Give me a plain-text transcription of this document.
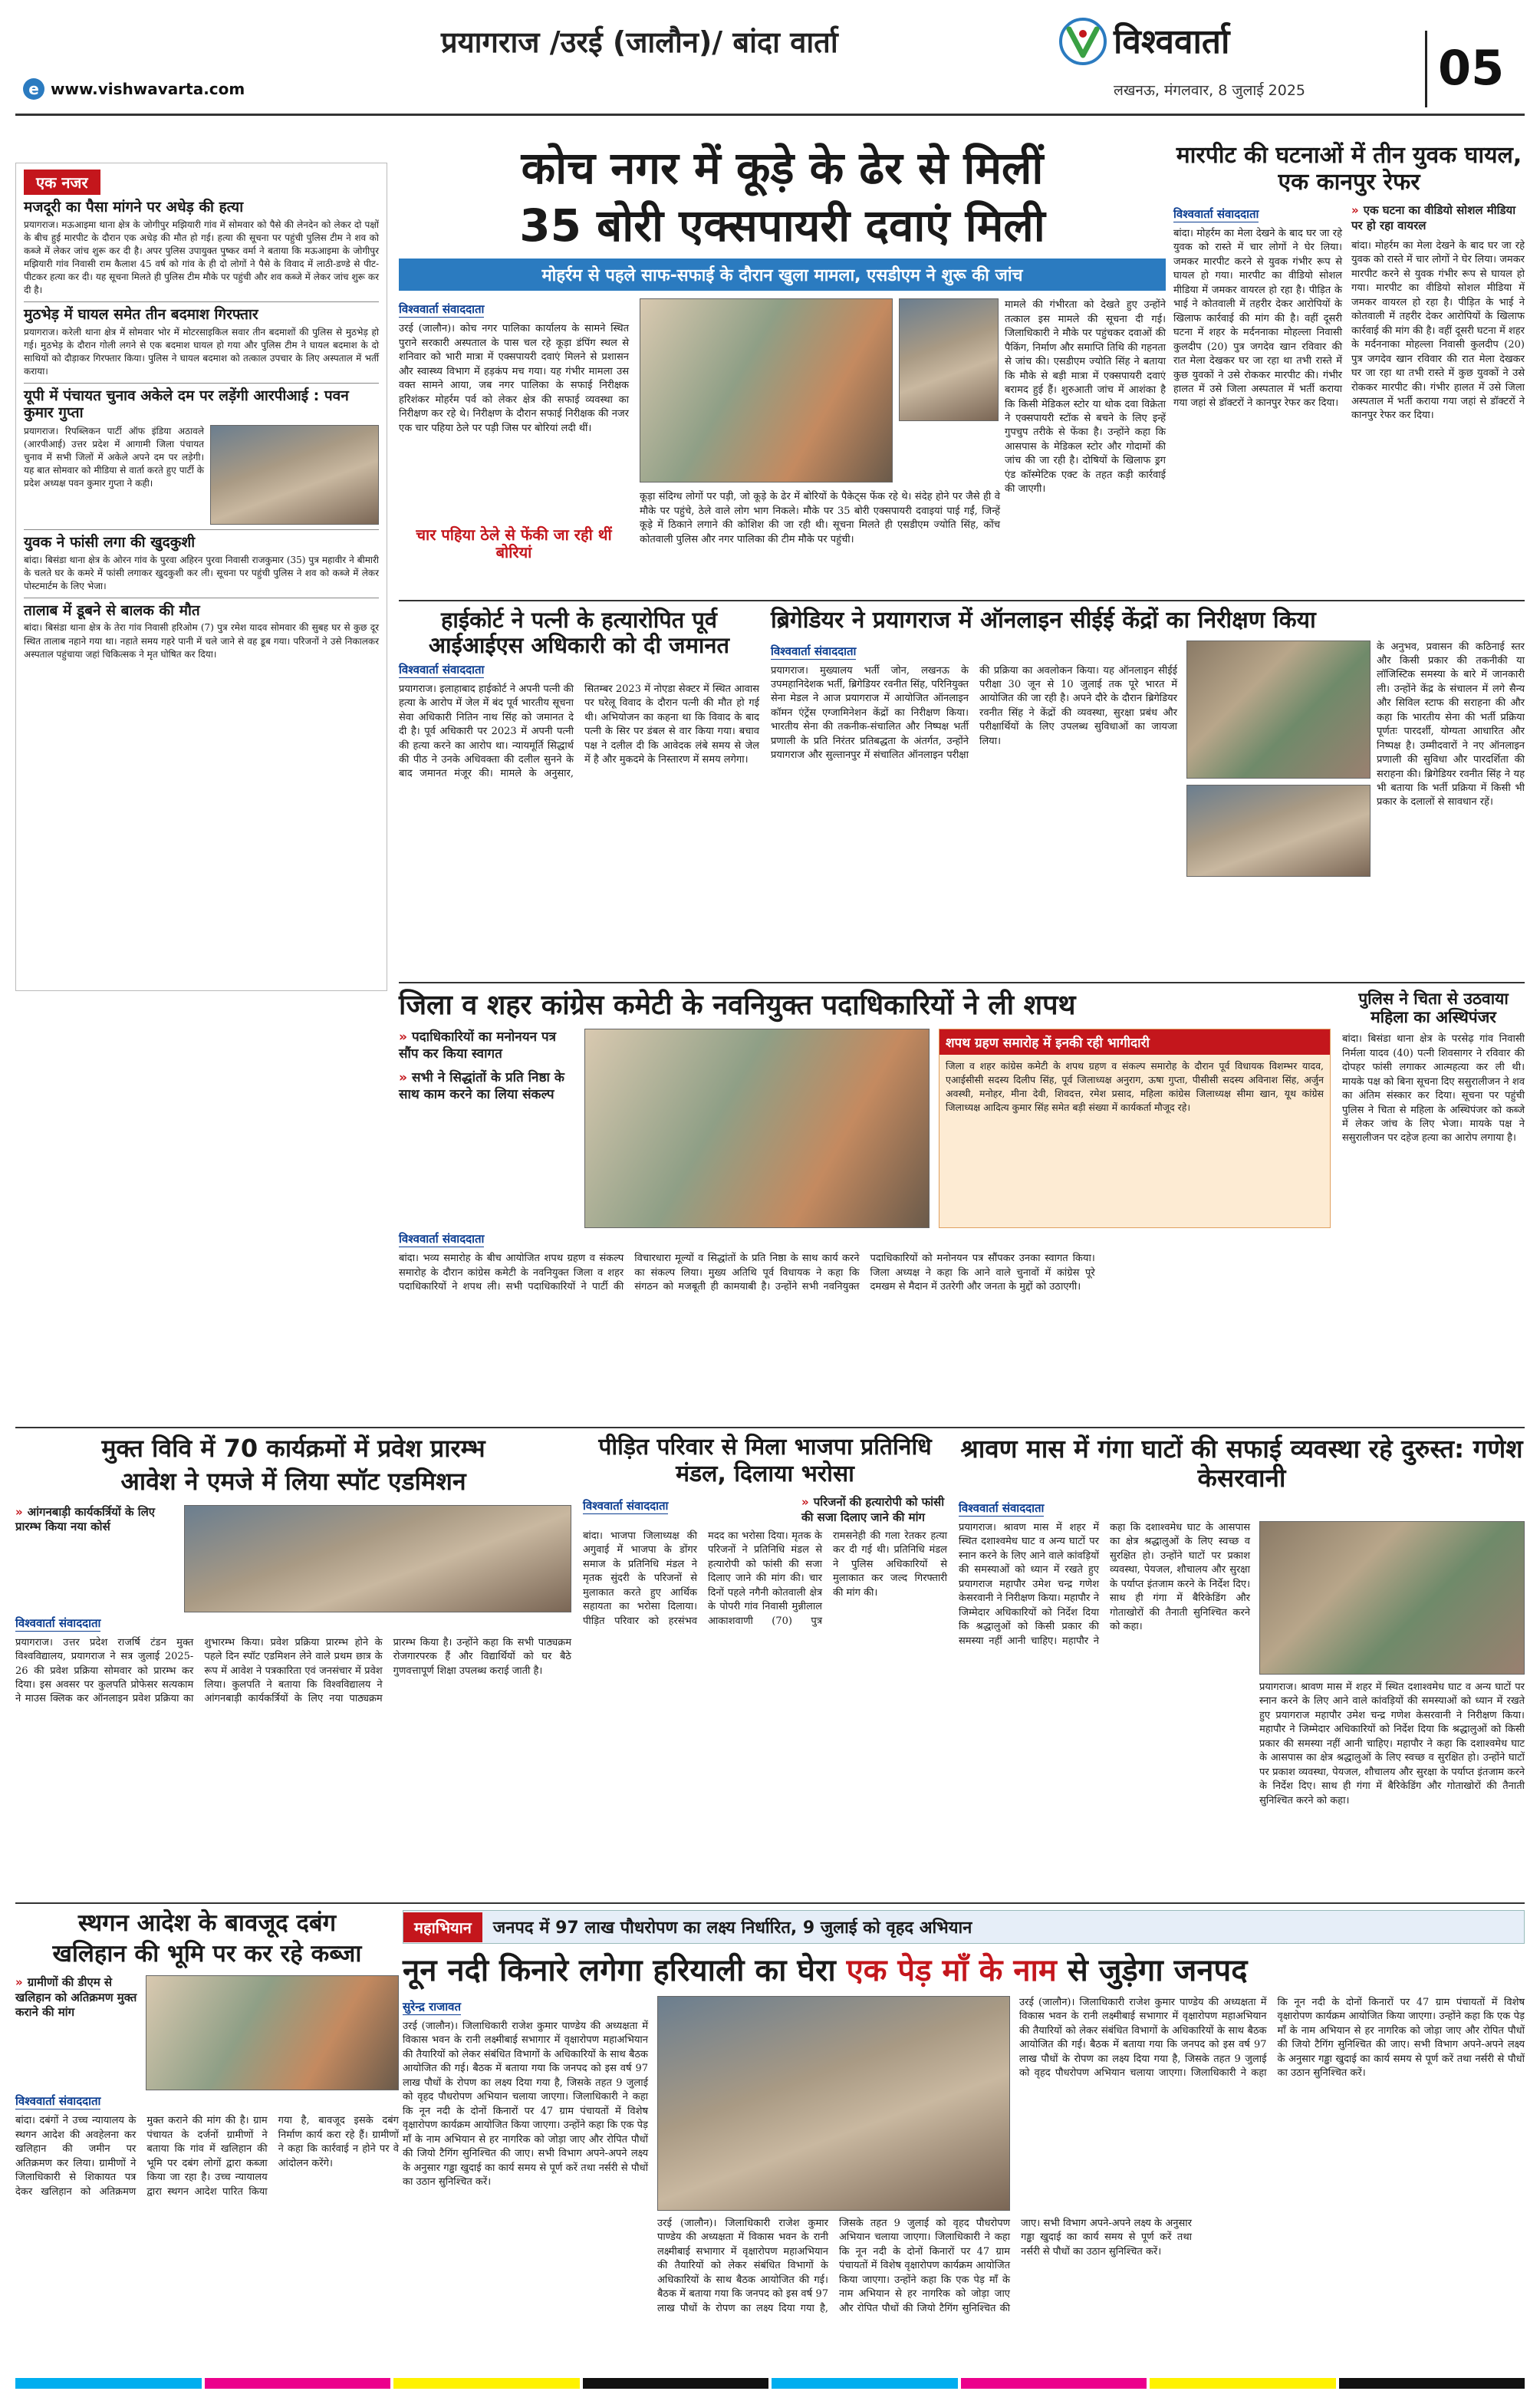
प्रयागराज /उरई (जालौन)/ बांदा वार्ता
e www.vishwavarta.com
विश्ववार्ता
लखनऊ, मंगलवार, 8 जुलाई 2025	05
एक नजर
मजदूरी का पैसा मांगने पर अधेड़ की हत्या
प्रयागराज। मऊआइमा थाना क्षेत्र के जोगीपुर मझियारी गांव में सोमवार को पैसे की लेनदेन को लेकर दो पक्षों के बीच हुई मारपीट के दौरान एक अधेड़ की मौत हो गई। हत्या की सूचना पर पहुंची पुलिस टीम ने शव को कब्जे में लेकर जांच शुरू कर दी है। अपर पुलिस उपायुक्त पुष्कर वर्मा ने बताया कि मऊआइमा के जोगीपुर मझियारी गांव निवासी राम कैलाश 45 वर्ष को गांव के ही दो लोगों ने पैसे के विवाद में लाठी-डण्डे से पीट-पीटकर हत्या कर दी। यह सूचना मिलते ही पुलिस टीम मौके पर पहुंची और शव कब्जे में लेकर जांच शुरू कर दी है।
मुठभेड़ में घायल समेत तीन बदमाश गिरफ्तार
प्रयागराज। करेली थाना क्षेत्र में सोमवार भोर में मोटरसाइकिल सवार तीन बदमाशों की पुलिस से मुठभेड़ हो गई। मुठभेड़ के दौरान गोली लगने से एक बदमाश घायल हो गया और पुलिस टीम ने घायल बदमाश के दो साथियों को दौड़ाकर गिरफ्तार किया। पुलिस ने घायल बदमाश को तत्काल उपचार के लिए अस्पताल में भर्ती कराया।
यूपी में पंचायत चुनाव अकेले दम पर लड़ेंगी आरपीआई : पवन कुमार गुप्ता
प्रयागराज। रिपब्लिकन पार्टी ऑफ इंडिया अठावले (आरपीआई) उत्तर प्रदेश में आगामी जिला पंचायत चुनाव में सभी जिलों में अकेले अपने दम पर लड़ेगी। यह बात सोमवार को मीडिया से वार्ता करते हुए पार्टी के प्रदेश अध्यक्ष पवन कुमार गुप्ता ने कही।
युवक ने फांसी लगा की खुदकुशी
बांदा। बिसंडा थाना क्षेत्र के ओरन गांव के पुरवा अहिरन पुरवा निवासी राजकुमार (35) पुत्र महावीर ने बीमारी के चलते घर के कमरे में फांसी लगाकर खुदकुशी कर ली। सूचना पर पहुंची पुलिस ने शव को कब्जे में लेकर पोस्टमार्टम के लिए भेजा।
तालाब में डूबने से बालक की मौत
बांदा। बिसंडा थाना क्षेत्र के तेरा गांव निवासी हरिओम (7) पुत्र रमेश यादव सोमवार की सुबह घर से कुछ दूर स्थित तालाब नहाने गया था। नहाते समय गहरे पानी में चले जाने से वह डूब गया। परिजनों ने उसे निकालकर अस्पताल पहुंचाया जहां चिकित्सक ने मृत घोषित कर दिया।
कोच नगर में कूड़े के ढेर से मिलीं
35 बोरी एक्सपायरी दवाएं मिली
मोहर्रम से पहले साफ-सफाई के दौरान खुला मामला, एसडीएम ने शुरू की जांच
विश्ववार्ता संवाददाता
उरई (जालौन)। कोच नगर पालिका कार्यालय के सामने स्थित पुराने सरकारी अस्पताल के पास चल रहे कूड़ा डंपिंग स्थल से शनिवार को भारी मात्रा में एक्सपायरी दवाएं मिलने से प्रशासन और स्वास्थ्य विभाग में हड़कंप मच गया। यह गंभीर मामला उस वक्त सामने आया, जब नगर पालिका के सफाई निरीक्षक हरिशंकर मोहर्रम पर्व को लेकर क्षेत्र की सफाई व्यवस्था का निरीक्षण कर रहे थे। निरीक्षण के दौरान सफाई निरीक्षक की नजर एक चार पहिया ठेले पर पड़ी जिस पर बोरियां लदी थीं।
चार पहिया ठेले से फेंकी जा रही थीं बोरियां
मामले की गंभीरता को देखते हुए उन्होंने तत्काल इस मामले की सूचना दी गई। जिलाधिकारी ने मौके पर पहुंचकर दवाओं की पैकिंग, निर्माण और समाप्ति तिथि की गहनता से जांच की। एसडीएम ज्योति सिंह ने बताया कि मौके से बड़ी मात्रा में एक्सपायरी दवाएं बरामद हुई हैं। शुरुआती जांच में आशंका है कि किसी मेडिकल स्टोर या थोक दवा विक्रेता ने एक्सपायरी स्टॉक से बचने के लिए इन्हें गुपचुप तरीके से फेंका है। उन्होंने कहा कि आसपास के मेडिकल स्टोर और गोदामों की जांच की जा रही है। दोषियों के खिलाफ ड्रग एंड कॉस्मेटिक एक्ट के तहत कड़ी कार्रवाई की जाएगी।
कूड़ा संदिग्ध लोगों पर पड़ी, जो कूड़े के ढेर में बोरियों के पैकेट्स फेंक रहे थे। संदेह होने पर जैसे ही वे मौके पर पहुंचे, ठेले वाले लोग भाग निकले। मौके पर 35 बोरी एक्सपायरी दवाइयां पाई गईं, जिन्हें कूड़े में ठिकाने लगाने की कोशिश की जा रही थी। सूचना मिलते ही एसडीएम ज्योति सिंह, कोंच कोतवाली पुलिस और नगर पालिका की टीम मौके पर पहुंची।
मारपीट की घटनाओं में तीन युवक घायल, एक कानपुर रेफर
विश्ववार्ता संवाददाता
बांदा। मोहर्रम का मेला देखने के बाद घर जा रहे युवक को रास्ते में चार लोगों ने घेर लिया। जमकर मारपीट करने से युवक गंभीर रूप से घायल हो गया। मारपीट का वीडियो सोशल मीडिया में जमकर वायरल हो रहा है। पीड़ित के भाई ने कोतवाली में तहरीर देकर आरोपियों के खिलाफ कार्रवाई की मांग की है। वहीं दूसरी घटना में शहर के मर्दननाका मोहल्ला निवासी कुलदीप (20) पुत्र जगदेव खान रविवार की रात मेला देखकर घर जा रहा था तभी रास्ते में कुछ युवकों ने उसे रोककर मारपीट की। गंभीर हालत में उसे जिला अस्पताल में भर्ती कराया गया जहां से डॉक्टरों ने कानपुर रेफर कर दिया।
» एक घटना का वीडियो सोशल मीडिया पर हो रहा वायरल
बांदा। मोहर्रम का मेला देखने के बाद घर जा रहे युवक को रास्ते में चार लोगों ने घेर लिया। जमकर मारपीट करने से युवक गंभीर रूप से घायल हो गया। मारपीट का वीडियो सोशल मीडिया में जमकर वायरल हो रहा है। पीड़ित के भाई ने कोतवाली में तहरीर देकर आरोपियों के खिलाफ कार्रवाई की मांग की है। वहीं दूसरी घटना में शहर के मर्दननाका मोहल्ला निवासी कुलदीप (20) पुत्र जगदेव खान रविवार की रात मेला देखकर घर जा रहा था तभी रास्ते में कुछ युवकों ने उसे रोककर मारपीट की। गंभीर हालत में उसे जिला अस्पताल में भर्ती कराया गया जहां से डॉक्टरों ने कानपुर रेफर कर दिया।
हाईकोर्ट ने पत्नी के हत्यारोपित पूर्व आईआईएस अधिकारी को दी जमानत
विश्ववार्ता संवाददाता
प्रयागराज। इलाहाबाद हाईकोर्ट ने अपनी पत्नी की हत्या के आरोप में जेल में बंद पूर्व भारतीय सूचना सेवा अधिकारी नितिन नाथ सिंह को जमानत दे दी है। पूर्व अधिकारी पर 2023 में अपनी पत्नी की हत्या करने का आरोप था। न्यायमूर्ति सिद्धार्थ की पीठ ने उनके अधिवक्ता की दलील सुनने के बाद जमानत मंजूर की। मामले के अनुसार, सितम्बर 2023 में नोएडा सेक्टर में स्थित आवास पर घरेलू विवाद के दौरान पत्नी की मौत हो गई थी। अभियोजन का कहना था कि विवाद के बाद पत्नी के सिर पर डंबल से वार किया गया। बचाव पक्ष ने दलील दी कि आवेदक लंबे समय से जेल में है और मुकदमे के निस्तारण में समय लगेगा।
ब्रिगेडियर ने प्रयागराज में ऑनलाइन सीईई केंद्रों का निरीक्षण किया
विश्ववार्ता संवाददाता
प्रयागराज। मुख्यालय भर्ती जोन, लखनऊ के उपमहानिदेशक भर्ती, ब्रिगेडियर रवनीत सिंह, परिनियुक्त सेना मेडल ने आज प्रयागराज में आयोजित ऑनलाइन कॉमन एंट्रेंस एग्जामिनेशन केंद्रों का निरीक्षण किया। भारतीय सेना की तकनीक-संचालित और निष्पक्ष भर्ती प्रणाली के प्रति निरंतर प्रतिबद्धता के अंतर्गत, उन्होंने प्रयागराज और सुल्तानपुर में संचालित ऑनलाइन परीक्षा की प्रक्रिया का अवलोकन किया। यह ऑनलाइन सीईई परीक्षा 30 जून से 10 जुलाई तक पूरे भारत में आयोजित की जा रही है। अपने दौरे के दौरान ब्रिगेडियर रवनीत सिंह ने केंद्रों की व्यवस्था, सुरक्षा प्रबंध और परीक्षार्थियों के लिए उपलब्ध सुविधाओं का जायजा लिया।
के अनुभव, प्रवासन की कठिनाई स्तर और किसी प्रकार की तकनीकी या लॉजिस्टिक समस्या के बारे में जानकारी ली। उन्होंने केंद्र के संचालन में लगे सैन्य और सिविल स्टाफ की सराहना की और कहा कि भारतीय सेना की भर्ती प्रक्रिया पूर्णतः पारदर्शी, योग्यता आधारित और निष्पक्ष है। उम्मीदवारों ने नए ऑनलाइन प्रणाली की सुविधा और पारदर्शिता की सराहना की। ब्रिगेडियर रवनीत सिंह ने यह भी बताया कि भर्ती प्रक्रिया में किसी भी प्रकार के दलालों से सावधान रहें।
जिला व शहर कांग्रेस कमेटी के नवनियुक्त पदाधिकारियों ने ली शपथ
» पदाधिकारियों का मनोनयन पत्र सौंप कर किया स्वागत
» सभी ने सिद्धांतों के प्रति निष्ठा के साथ काम करने का लिया संकल्प
शपथ ग्रहण समारोह में इनकी रही भागीदारी
जिला व शहर कांग्रेस कमेटी के शपथ ग्रहण व संकल्प समारोह के दौरान पूर्व विधायक विशम्भर यादव, एआईसीसी सदस्य दिलीप सिंह, पूर्व जिलाध्यक्ष अनुराग, ऊषा गुप्ता, पीसीसी सदस्य अविनाश सिंह, अर्जुन अवस्थी, मनोहर, मीना देवी, शिवदत्त, रमेश प्रसाद, महिला कांग्रेस जिलाध्यक्ष सीमा खान, यूथ कांग्रेस जिलाध्यक्ष आदित्य कुमार सिंह समेत बड़ी संख्या में कार्यकर्ता मौजूद रहे।
विश्ववार्ता संवाददाता
बांदा। भव्य समारोह के बीच आयोजित शपथ ग्रहण व संकल्प समारोह के दौरान कांग्रेस कमेटी के नवनियुक्त जिला व शहर पदाधिकारियों ने शपथ ली। सभी पदाधिकारियों ने पार्टी की विचारधारा मूल्यों व सिद्धांतों के प्रति निष्ठा के साथ कार्य करने का संकल्प लिया। मुख्य अतिथि पूर्व विधायक ने कहा कि संगठन को मजबूती ही कामयाबी है। उन्होंने सभी नवनियुक्त पदाधिकारियों को मनोनयन पत्र सौंपकर उनका स्वागत किया। जिला अध्यक्ष ने कहा कि आने वाले चुनावों में कांग्रेस पूरे दमखम से मैदान में उतरेगी और जनता के मुद्दों को उठाएगी।
पुलिस ने चिता से उठवाया महिला का अस्थिपंजर
बांदा। बिसंडा थाना क्षेत्र के परसेढ़ गांव निवासी निर्मला यादव (40) पत्नी शिवसागर ने रविवार की दोपहर फांसी लगाकर आत्महत्या कर ली थी। मायके पक्ष को बिना सूचना दिए ससुरालीजन ने शव का अंतिम संस्कार कर दिया। सूचना पर पहुंची पुलिस ने चिता से महिला के अस्थिपंजर को कब्जे में लेकर जांच के लिए भेजा। मायके पक्ष ने ससुरालीजन पर दहेज हत्या का आरोप लगाया है।
मुक्त विवि में 70 कार्यक्रमों में प्रवेश प्रारम्भ
आवेश ने एमजे में लिया स्पॉट एडमिशन
» आंगनबाड़ी कार्यकर्त्रियों के लिए प्रारम्भ किया नया कोर्स
विश्ववार्ता संवाददाता
प्रयागराज। उत्तर प्रदेश राजर्षि टंडन मुक्त विश्वविद्यालय, प्रयागराज ने सत्र जुलाई 2025-26 की प्रवेश प्रक्रिया सोमवार को प्रारम्भ कर दिया। इस अवसर पर कुलपति प्रोफेसर सत्यकाम ने माउस क्लिक कर ऑनलाइन प्रवेश प्रक्रिया का शुभारम्भ किया। प्रवेश प्रक्रिया प्रारम्भ होने के पहले दिन स्पॉट एडमिशन लेने वाले प्रथम छात्र के रूप में आवेश ने पत्रकारिता एवं जनसंचार में प्रवेश लिया। कुलपति ने बताया कि विश्वविद्यालय ने आंगनबाड़ी कार्यकर्त्रियों के लिए नया पाठ्यक्रम प्रारम्भ किया है। उन्होंने कहा कि सभी पाठ्यक्रम रोजगारपरक हैं और विद्यार्थियों को घर बैठे गुणवत्तापूर्ण शिक्षा उपलब्ध कराई जाती है।
पीड़ित परिवार से मिला भाजपा प्रतिनिधि मंडल, दिलाया भरोसा
विश्ववार्ता संवाददाता	» परिजनों की हत्यारोपी को फांसी की सजा दिलाए जाने की मांग
बांदा। भाजपा जिलाध्यक्ष की अगुवाई में भाजपा के डोंगर समाज के प्रतिनिधि मंडल ने मृतक सुंदरी के परिजनों से मुलाकात करते हुए आर्थिक सहायता का भरोसा दिलाया। पीड़ित परिवार को हरसंभव मदद का भरोसा दिया। मृतक के परिजनों ने प्रतिनिधि मंडल से हत्यारोपी को फांसी की सजा दिलाए जाने की मांग की। चार दिनों पहले नगैनी कोतवाली क्षेत्र के पोपरी गांव निवासी मुन्नीलाल आकाशवाणी (70) पुत्र रामसनेही की गला रेतकर हत्या कर दी गई थी। प्रतिनिधि मंडल ने पुलिस अधिकारियों से मुलाकात कर जल्द गिरफ्तारी की मांग की।
श्रावण मास में गंगा घाटों की सफाई व्यवस्था रहे दुरुस्त: गणेश केसरवानी
विश्ववार्ता संवाददाता
प्रयागराज। श्रावण मास में शहर में स्थित दशाश्वमेध घाट व अन्य घाटों पर स्नान करने के लिए आने वाले कांवड़ियों की समस्याओं को ध्यान में रखते हुए प्रयागराज महापौर उमेश चन्द्र गणेश केसरवानी ने निरीक्षण किया। महापौर ने जिम्मेदार अधिकारियों को निर्देश दिया कि श्रद्धालुओं को किसी प्रकार की समस्या नहीं आनी चाहिए। महापौर ने कहा कि दशाश्वमेध घाट के आसपास का क्षेत्र श्रद्धालुओं के लिए स्वच्छ व सुरक्षित हो। उन्होंने घाटों पर प्रकाश व्यवस्था, पेयजल, शौचालय और सुरक्षा के पर्याप्त इंतजाम करने के निर्देश दिए। साथ ही गंगा में बैरिकेडिंग और गोताखोरों की तैनाती सुनिश्चित करने को कहा।
प्रयागराज। श्रावण मास में शहर में स्थित दशाश्वमेध घाट व अन्य घाटों पर स्नान करने के लिए आने वाले कांवड़ियों की समस्याओं को ध्यान में रखते हुए प्रयागराज महापौर उमेश चन्द्र गणेश केसरवानी ने निरीक्षण किया। महापौर ने जिम्मेदार अधिकारियों को निर्देश दिया कि श्रद्धालुओं को किसी प्रकार की समस्या नहीं आनी चाहिए। महापौर ने कहा कि दशाश्वमेध घाट के आसपास का क्षेत्र श्रद्धालुओं के लिए स्वच्छ व सुरक्षित हो। उन्होंने घाटों पर प्रकाश व्यवस्था, पेयजल, शौचालय और सुरक्षा के पर्याप्त इंतजाम करने के निर्देश दिए। साथ ही गंगा में बैरिकेडिंग और गोताखोरों की तैनाती सुनिश्चित करने को कहा।
स्थगन आदेश के बावजूद दबंग
खलिहान की भूमि पर कर रहे कब्जा
» ग्रामीणों की डीएम से खलिहान को अतिक्रमण मुक्त कराने की मांग
विश्ववार्ता संवाददाता
बांदा। दबंगों ने उच्च न्यायालय के स्थगन आदेश की अवहेलना कर खलिहान की जमीन पर अतिक्रमण कर लिया। ग्रामीणों ने जिलाधिकारी से शिकायत पत्र देकर खलिहान को अतिक्रमण मुक्त कराने की मांग की है। ग्राम पंचायत के दर्जनों ग्रामीणों ने बताया कि गांव में खलिहान की भूमि पर दबंग लोगों द्वारा कब्जा किया जा रहा है। उच्च न्यायालय द्वारा स्थगन आदेश पारित किया गया है, बावजूद इसके दबंग निर्माण कार्य करा रहे हैं। ग्रामीणों ने कहा कि कार्रवाई न होने पर वे आंदोलन करेंगे।
महाभियान	जनपद में 97 लाख पौधरोपण का लक्ष्य निर्धारित, 9 जुलाई को वृहद अभियान
नून नदी किनारे लगेगा हरियाली का घेरा एक पेड़ माँ के नाम से जुड़ेगा जनपद
सुरेन्द्र राजावत
उरई (जालौन)। जिलाधिकारी राजेश कुमार पाण्डेय की अध्यक्षता में विकास भवन के रानी लक्ष्मीबाई सभागार में वृक्षारोपण महाअभियान की तैयारियों को लेकर संबंधित विभागों के अधिकारियों के साथ बैठक आयोजित की गई। बैठक में बताया गया कि जनपद को इस वर्ष 97 लाख पौधों के रोपण का लक्ष्य दिया गया है, जिसके तहत 9 जुलाई को वृहद पौधरोपण अभियान चलाया जाएगा। जिलाधिकारी ने कहा कि नून नदी के दोनों किनारों पर 47 ग्राम पंचायतों में विशेष वृक्षारोपण कार्यक्रम आयोजित किया जाएगा। उन्होंने कहा कि एक पेड़ माँ के नाम अभियान से हर नागरिक को जोड़ा जाए और रोपित पौधों की जियो टैगिंग सुनिश्चित की जाए। सभी विभाग अपने-अपने लक्ष्य के अनुसार गड्ढा खुदाई का कार्य समय से पूर्ण करें तथा नर्सरी से पौधों का उठान सुनिश्चित करें।
उरई (जालौन)। जिलाधिकारी राजेश कुमार पाण्डेय की अध्यक्षता में विकास भवन के रानी लक्ष्मीबाई सभागार में वृक्षारोपण महाअभियान की तैयारियों को लेकर संबंधित विभागों के अधिकारियों के साथ बैठक आयोजित की गई। बैठक में बताया गया कि जनपद को इस वर्ष 97 लाख पौधों के रोपण का लक्ष्य दिया गया है, जिसके तहत 9 जुलाई को वृहद पौधरोपण अभियान चलाया जाएगा। जिलाधिकारी ने कहा कि नून नदी के दोनों किनारों पर 47 ग्राम पंचायतों में विशेष वृक्षारोपण कार्यक्रम आयोजित किया जाएगा। उन्होंने कहा कि एक पेड़ माँ के नाम अभियान से हर नागरिक को जोड़ा जाए और रोपित पौधों की जियो टैगिंग सुनिश्चित की जाए। सभी विभाग अपने-अपने लक्ष्य के अनुसार गड्ढा खुदाई का कार्य समय से पूर्ण करें तथा नर्सरी से पौधों का उठान सुनिश्चित करें।
उरई (जालौन)। जिलाधिकारी राजेश कुमार पाण्डेय की अध्यक्षता में विकास भवन के रानी लक्ष्मीबाई सभागार में वृक्षारोपण महाअभियान की तैयारियों को लेकर संबंधित विभागों के अधिकारियों के साथ बैठक आयोजित की गई। बैठक में बताया गया कि जनपद को इस वर्ष 97 लाख पौधों के रोपण का लक्ष्य दिया गया है, जिसके तहत 9 जुलाई को वृहद पौधरोपण अभियान चलाया जाएगा। जिलाधिकारी ने कहा कि नून नदी के दोनों किनारों पर 47 ग्राम पंचायतों में विशेष वृक्षारोपण कार्यक्रम आयोजित किया जाएगा। उन्होंने कहा कि एक पेड़ माँ के नाम अभियान से हर नागरिक को जोड़ा जाए और रोपित पौधों की जियो टैगिंग सुनिश्चित की जाए। सभी विभाग अपने-अपने लक्ष्य के अनुसार गड्ढा खुदाई का कार्य समय से पूर्ण करें तथा नर्सरी से पौधों का उठान सुनिश्चित करें।
